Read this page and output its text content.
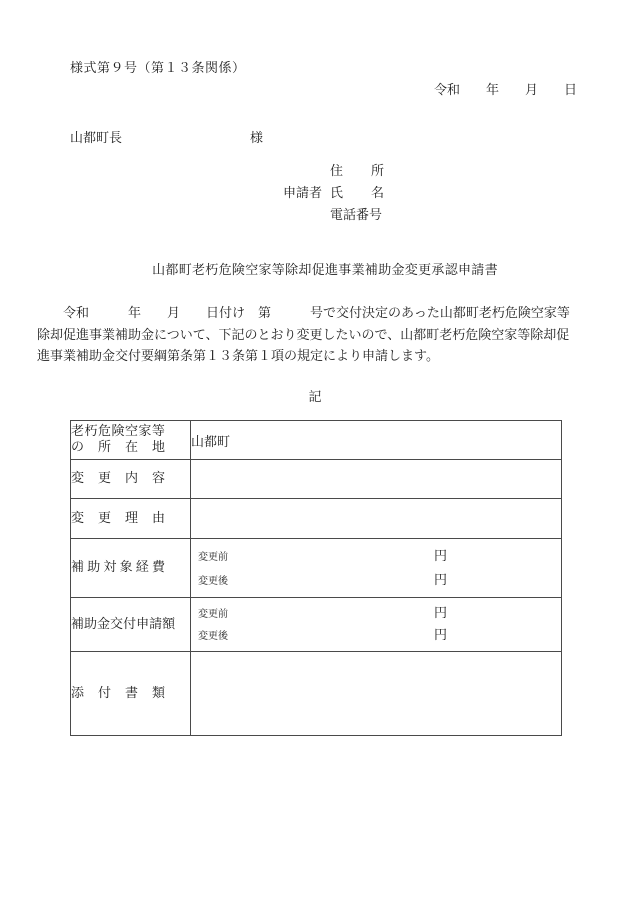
様式第９号（第１３条関係）
令和　　年　　月　　日
山都町長	様
住 所
申請者 氏 名
電話番号
山都町老朽危険空家等除却促進事業補助金変更承認申請書
　　令和　　　年　　月　　日付け　第　　　号で交付決定のあった山都町老朽危険空家等
除却促進事業補助金について、下記のとおり変更したいので、山都町老朽危険空家等除却促
進事業補助金交付要綱第条第１３条第１項の規定により申請します。
記
老 朽 危 険 空 家 等
の 所 在 地	山都町

変 更 内 容	

変 更 理 由	

補 助 対 象 経 費

変更前	円
変更後	円

補 助 金 交 付 申 請 額

変更前	円
変更後	円

添 付 書 類	
